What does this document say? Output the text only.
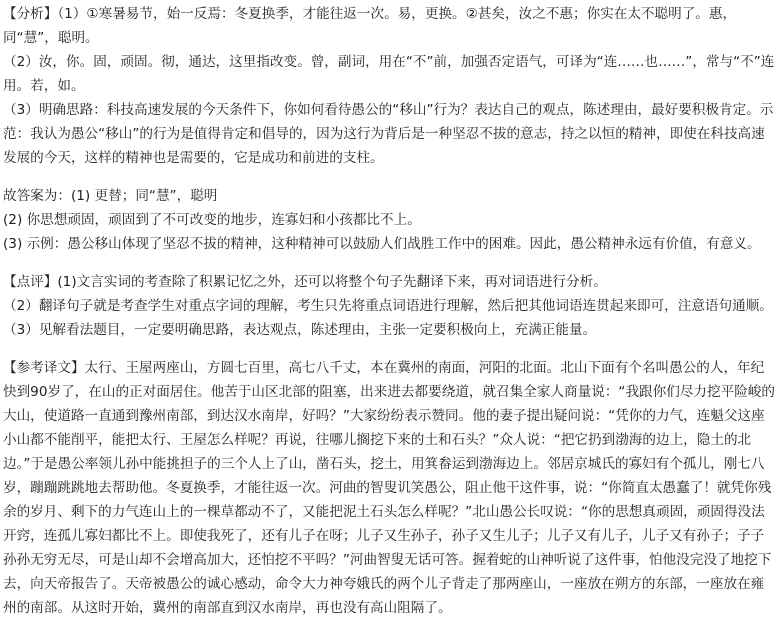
【分析】（1）①寒暑易节，始一反焉：冬夏换季，才能往返一次。易，更换。②甚矣，汝之不惠；你实在太不聪明了。惠，同“慧”，聪明。

（2）汝，你。固，顽固。彻，通达，这里指改变。曾，副词，用在“不”前，加强否定语气，可译为“连……也……”，常与“不”连用。若，如。

（3）明确思路：科技高速发展的今天条件下，你如何看待愚公的“移山”行为？表达自己的观点，陈述理由，最好要积极肯定。示范：我认为愚公“移山”的行为是值得肯定和倡导的，因为这行为背后是一种坚忍不拔的意志，持之以恒的精神，即使在科技高速发展的今天，这样的精神也是需要的，它是成功和前进的支柱。

故答案为：(1) 更替；同“慧”，聪明

(2) 你思想顽固，顽固到了不可改变的地步，连寡妇和小孩都比不上。

(3) 示例：愚公移山体现了坚忍不拔的精神，这种精神可以鼓励人们战胜工作中的困难。因此，愚公精神永远有价值，有意义。

【点评】(1)文言实词的考查除了积累记忆之外，还可以将整个句子先翻译下来，再对词语进行分析。

（2）翻译句子就是考查学生对重点字词的理解，考生只先将重点词语进行理解，然后把其他词语连贯起来即可，注意语句通顺。

（3）见解看法题目，一定要明确思路，表达观点，陈述理由，主张一定要积极向上，充满正能量。

【参考译文】太行、王屋两座山，方圆七百里，高七八千丈，本在冀州的南面，河阳的北面。北山下面有个名叫愚公的人，年纪快到90岁了，在山的正对面居住。他苦于山区北部的阻塞，出来进去都要绕道，就召集全家人商量说：“我跟你们尽力挖平险峻的大山，使道路一直通到豫州南部，到达汉水南岸，好吗？”大家纷纷表示赞同。他的妻子提出疑问说：“凭你的力气，连魁父这座小山都不能削平，能把太行、王屋怎么样呢？再说，往哪儿搁挖下来的土和石头？”众人说：“把它扔到渤海的边上，隐土的北边。”于是愚公率领儿孙中能挑担子的三个人上了山，凿石头，挖土，用箕畚运到渤海边上。邻居京城氏的寡妇有个孤儿，刚七八岁，蹦蹦跳跳地去帮助他。冬夏换季，才能往返一次。河曲的智叟讥笑愚公，阻止他干这件事，说：“你简直太愚蠢了！就凭你残余的岁月、剩下的力气连山上的一棵草都动不了，又能把泥土石头怎么样呢？”北山愚公长叹说：“你的思想真顽固，顽固得没法开窍，连孤儿寡妇都比不上。即使我死了，还有儿子在呀；儿子又生孙子，孙子又生儿子；儿子又有儿子，儿子又有孙子；子子孙孙无穷无尽，可是山却不会增高加大，还怕挖不平吗？”河曲智叟无话可答。握着蛇的山神听说了这件事，怕他没完没了地挖下去，向天帝报告了。天帝被愚公的诚心感动，命令大力神夸娥氏的两个儿子背走了那两座山，一座放在朔方的东部，一座放在雍州的南部。从这时开始，冀州的南部直到汉水南岸，再也没有高山阻隔了。
